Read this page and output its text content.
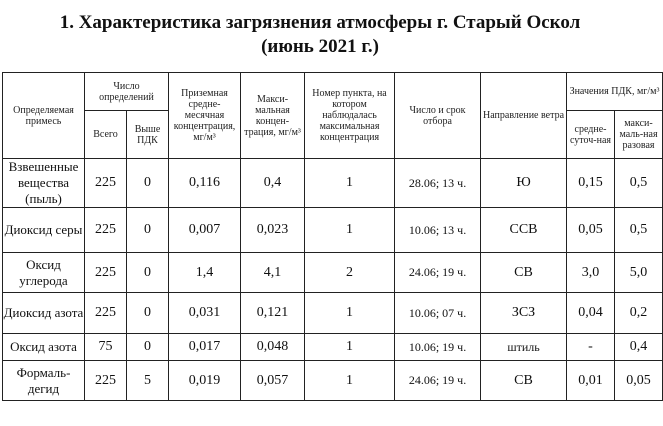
1. Характеристика загрязнения атмосферы г. Старый Оскол
(июнь 2021 г.)
Определяемая примесь	Число определений		Приземная средне-месячная концентрация, мг/м³	Макси-мальная концен-трация, мг/м³	Номер пункта, на котором наблюдалась максимальная концентрация	Число и срок отбора	Направление ветра	Значения ПДК, мг/м³	
	Всего	Выше ПДК						средне-суточ-ная	макси-маль-ная разовая
Взвешенные вещества (пыль)	225	0	0,116	0,4	1	28.06; 13 ч.	Ю	0,15	0,5
Диоксид серы	225	0	0,007	0,023	1	10.06; 13 ч.	ССВ	0,05	0,5
Оксид углерода	225	0	1,4	4,1	2	24.06; 19 ч.	СВ	3,0	5,0
Диоксид азота	225	0	0,031	0,121	1	10.06; 07 ч.	ЗСЗ	0,04	0,2
Оксид азота	75	0	0,017	0,048	1	10.06; 19 ч.	штиль	-	0,4
Формаль-дегид	225	5	0,019	0,057	1	24.06; 19 ч.	СВ	0,01	0,05
